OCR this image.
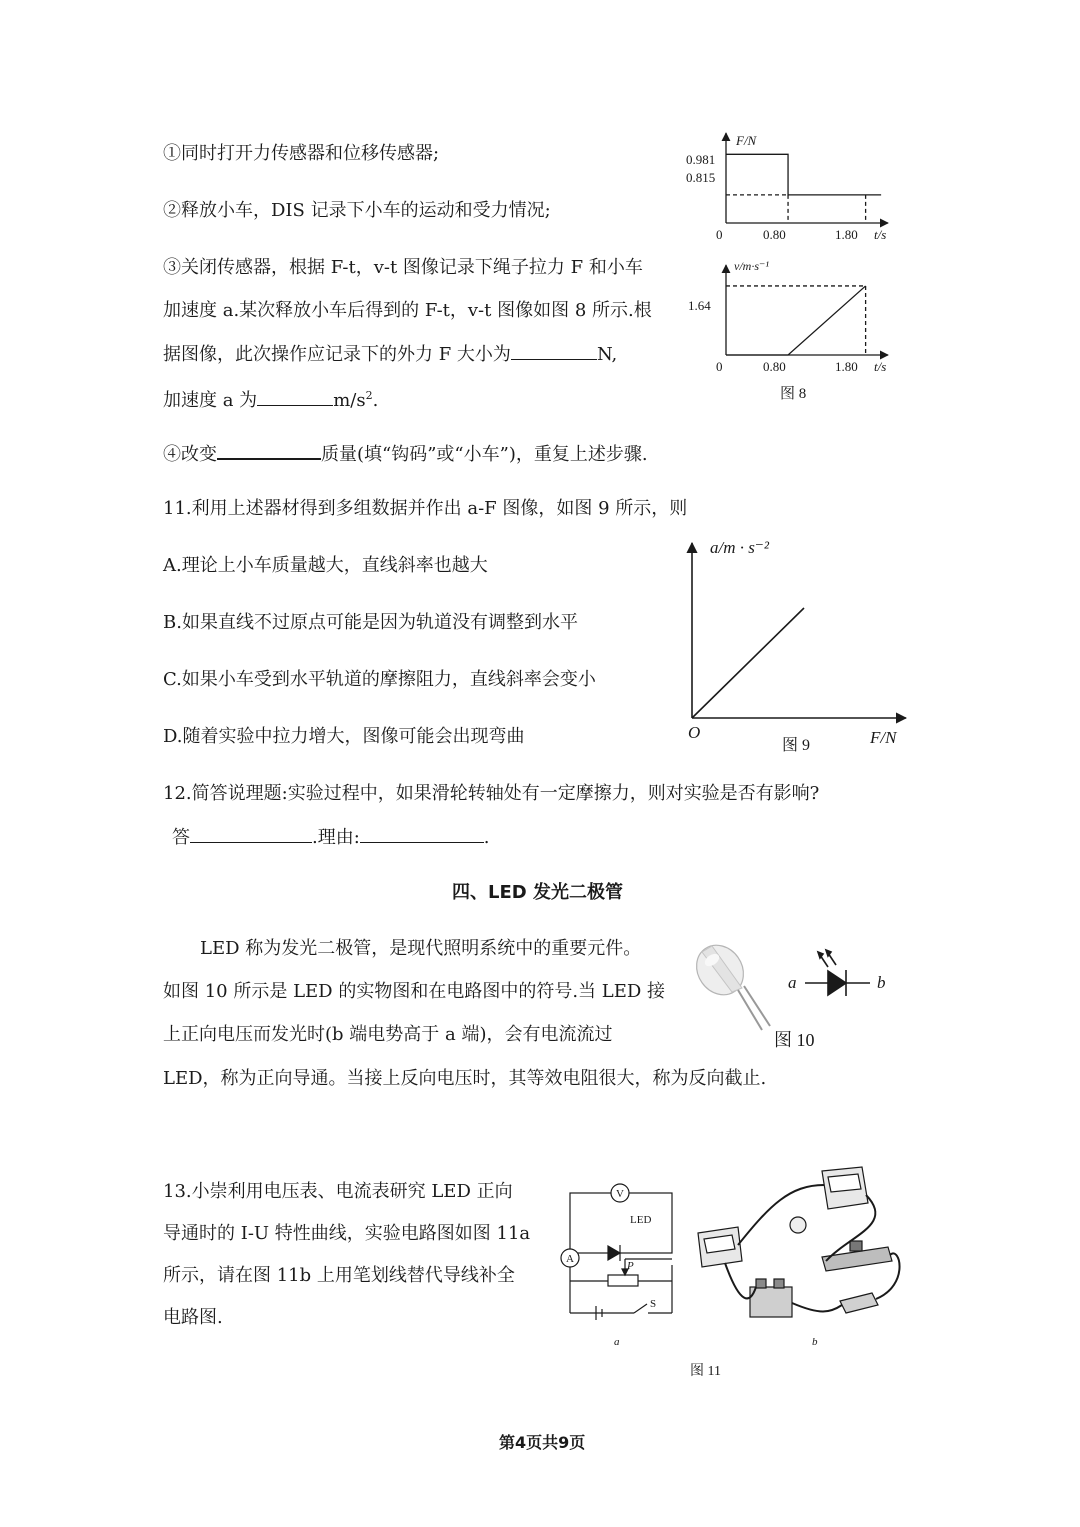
①同时打开力传感器和位移传感器;
②释放小车，DIS 记录下小车的运动和受力情况;
③关闭传感器，根据 F-t，v-t 图像记录下绳子拉力 F 和小车
加速度 a.某次释放小车后得到的 F-t，v-t 图像如图 8 所示.根
据图像，此次操作应记录下的外力 F 大小为	N,
加速度 a 为	$m/s^2$.
④改变	质量(填“钩码”或“小车”)，重复上述步骤.
F/N
0.981
0.815
0	0.80	1.80 t/s
v/m·s⁻¹
1.64
0	0.80	1.80 t/s
图 8
11.利用上述器材得到多组数据并作出 a-F 图像，如图 9 所示，则
A.理论上小车质量越大，直线斜率也越大
B.如果直线不过原点可能是因为轨道没有调整到水平
C.如果小车受到水平轨道的摩擦阻力，直线斜率会变小
D.随着实验中拉力增大，图像可能会出现弯曲
a/m · s⁻²
O
图 9	F/N
12.简答说理题:实验过程中，如果滑轮转轴处有一定摩擦力，则对实验是否有影响?
答	.理由:	.
四、LED 发光二极管
LED 称为发光二极管，是现代照明系统中的重要元件。
如图 10 所示是 LED 的实物图和在电路图中的符号.当 LED 接
上正向电压而发光时(b 端电势高于 a 端)，会有电流流过
LED，称为正向导通。当接上反向电压时，其等效电阻很大，称为反向截止.
a	b
图 10
13.小崇利用电压表、电流表研究 LED 正向
导通时的 I-U 特性曲线，实验电路图如图 11a
所示，请在图 11b 上用笔划线替代导线补全
电路图.
V
A
LED
P
S
a	b
图 11
第4页共9页
